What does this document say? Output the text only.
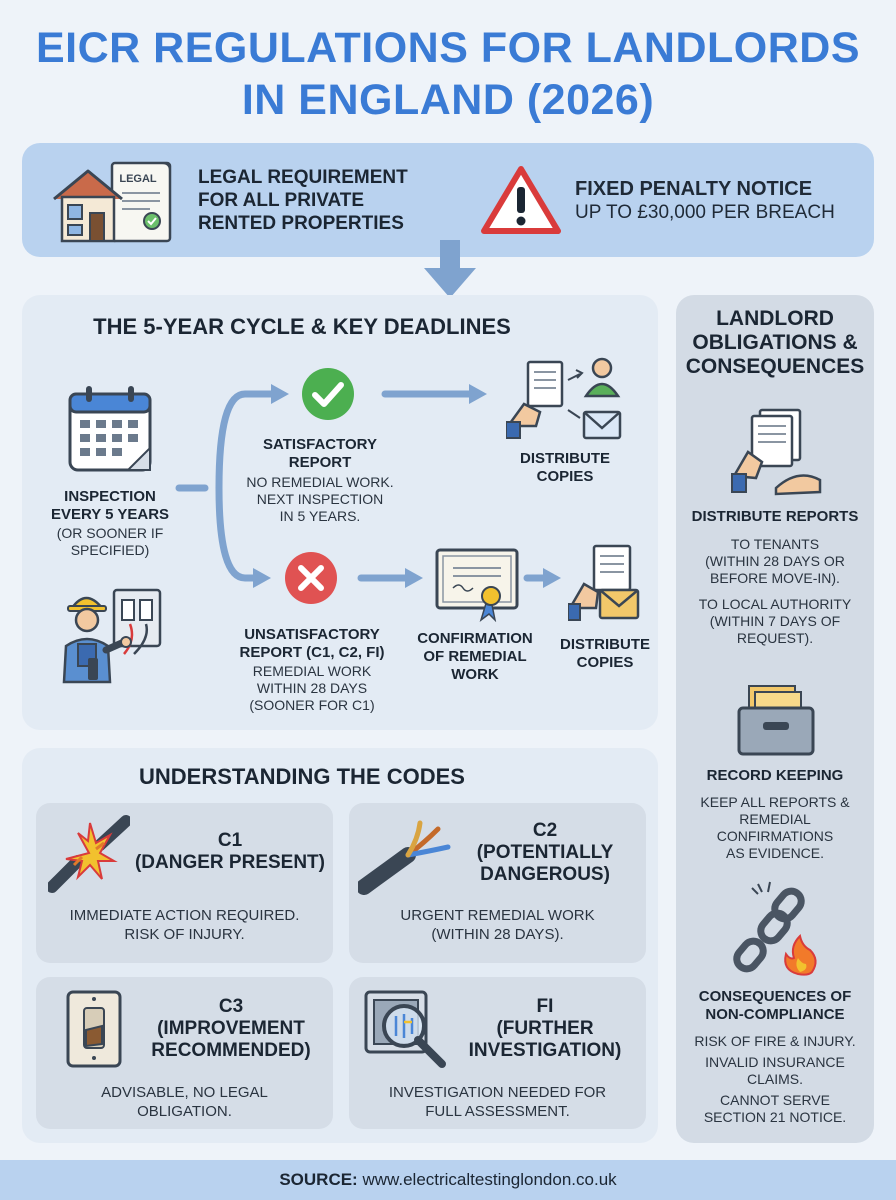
EICR REGULATIONS FOR LANDLORDS
IN ENGLAND (2026)
LEGAL LEGAL REQUIREMENT
FOR ALL PRIVATE
RENTED PROPERTIES
FIXED PENALTY NOTICE
UP TO £30,000 PER BREACH
THE 5-YEAR CYCLE & KEY DEADLINES
INSPECTION
EVERY 5 YEARS
(OR SOONER IF
SPECIFIED)
SATISFACTORY
REPORT
NO REMEDIAL WORK.
NEXT INSPECTION
IN 5 YEARS.
DISTRIBUTE
COPIES
UNSATISFACTORY
REPORT (C1, C2, FI)
REMEDIAL WORK
WITHIN 28 DAYS
(SOONER FOR C1)
CONFIRMATION
OF REMEDIAL
WORK
DISTRIBUTE
COPIES
UNDERSTANDING THE CODES
C1
(DANGER PRESENT)
IMMEDIATE ACTION REQUIRED.
RISK OF INJURY.
C2
(POTENTIALLY
DANGEROUS)
URGENT REMEDIAL WORK
(WITHIN 28 DAYS).
C3
(IMPROVEMENT
RECOMMENDED)
ADVISABLE, NO LEGAL
OBLIGATION.
FI
(FURTHER
INVESTIGATION)
INVESTIGATION NEEDED FOR
FULL ASSESSMENT.
LANDLORD
OBLIGATIONS &
CONSEQUENCES
DISTRIBUTE REPORTS
TO TENANTS
(WITHIN 28 DAYS OR
BEFORE MOVE-IN).
TO LOCAL AUTHORITY
(WITHIN 7 DAYS OF
REQUEST).
RECORD KEEPING
KEEP ALL REPORTS &
REMEDIAL
CONFIRMATIONS
AS EVIDENCE.
CONSEQUENCES OF
NON-COMPLIANCE
RISK OF FIRE & INJURY.
INVALID INSURANCE
CLAIMS.
CANNOT SERVE
SECTION 21 NOTICE.
SOURCE: www.electricaltestinglondon.co.uk
